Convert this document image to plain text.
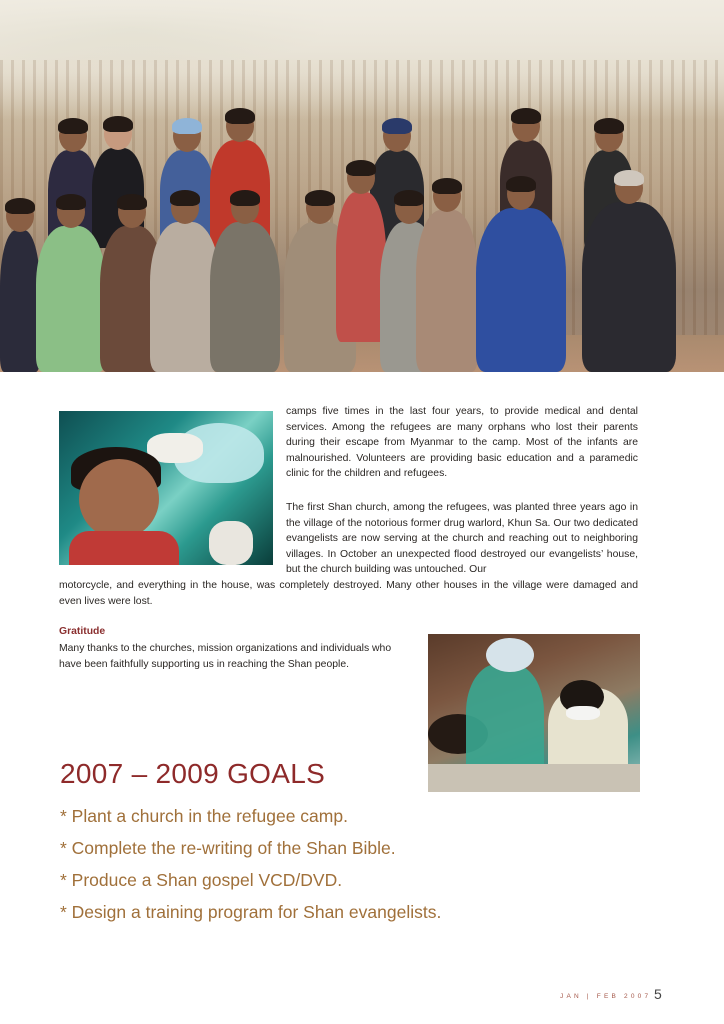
camps five times in the last four years, to provide medical and dental services. Among the refugees are many orphans who lost their parents during their escape from Myanmar to the camp. Most of the infants are malnourished. Volunteers are providing basic education and a paramedic clinic for the children and refugees.

The first Shan church, among the refugees, was planted three years ago in the village of the notorious former drug warlord, Khun Sa. Our two dedicated evangelists are now serving at the church and reaching out to neighboring villages. In October an unexpected flood destroyed our evangelists’ house, but the church building was untouched. Our

motorcycle, and everything in the house, was completely destroyed. Many other houses in the village were damaged and even lives were lost.

Gratitude

Many thanks to the churches, mission organizations and individuals who have been faithfully supporting us in reaching the Shan people.

2007 – 2009 GOALS
* Plant a church in the refugee camp.
* Complete the re-writing of the Shan Bible.
* Produce a Shan gospel VCD/DVD.
* Design a training program for Shan evangelists.
JAN | FEB 2007 5
